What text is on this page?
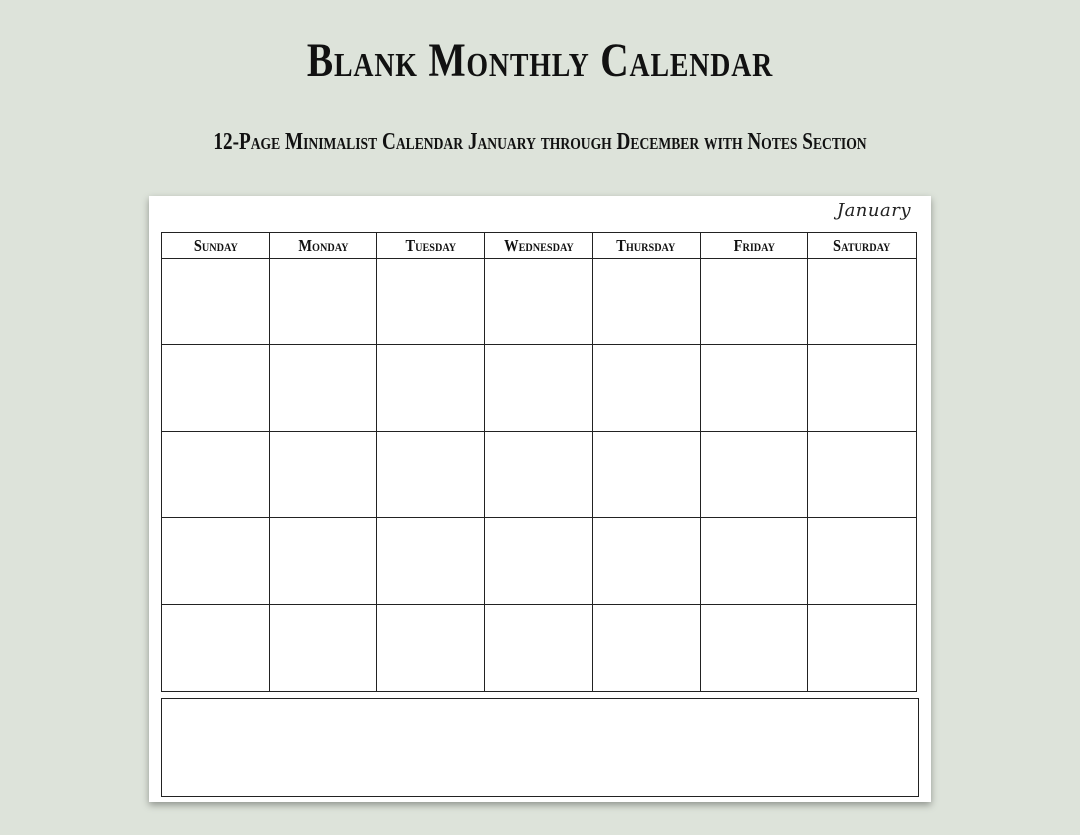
Blank Monthly Calendar
12-Page Minimalist Calendar January through December with Notes Section
January
Sunday	Monday	Tuesday	Wednesday	Thursday	Friday	Saturday
